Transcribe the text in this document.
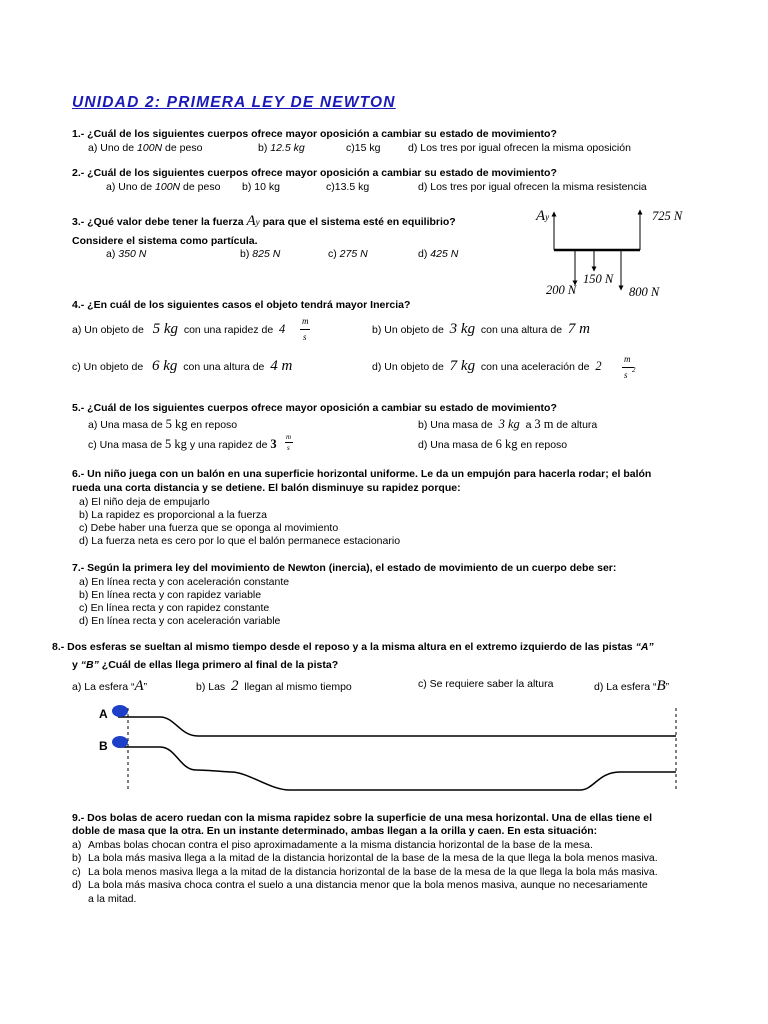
UNIDAD 2: PRIMERA LEY DE NEWTON
1.- ¿Cuál de los siguientes cuerpos ofrece mayor oposición a cambiar su estado de movimiento?
a) Uno de 100N de peso	b) 12.5 kg	c)15 kg	d) Los tres por igual ofrecen la misma oposición
2.- ¿Cuál de los siguientes cuerpos ofrece mayor oposición a cambiar su estado de movimiento?
a) Uno de 100N de peso b) 10 kg	c)13.5 kg	d) Los tres por igual ofrecen la misma resistencia
3.- ¿Qué valor debe tener la fuerza Ay para que el sistema esté en equilibrio?
Considere el sistema como partícula.
a) 350 N	b) 825 N	c) 275 N	d) 425 N
Ay	725 N
200 N
150 N
800 N
4.- ¿En cuál de los siguientes casos el objeto tendrá mayor Inercia?
a) Un objeto de 5 kg con una rapidez de 4
m
s
b) Un objeto de 3 kg con una altura de 7 m
c) Un objeto de 6 kg con una altura de 4 m	d) Un objeto de 7 kg con una aceleración de 2 m
s 2
5.- ¿Cuál de los siguientes cuerpos ofrece mayor oposición a cambiar su estado de movimiento?
a) Una masa de 5 kg en reposo	b) Una masa de 3 kg a 3 m de altura
c) Una masa de 5 kg y una rapidez de 3 m
s	d) Una masa de 6 kg en reposo
6.- Un niño juega con un balón en una superficie horizontal uniforme. Le da un empujón para hacerla rodar; el balón
rueda una corta distancia y se detiene. El balón disminuye su rapidez porque:
a) El niño deja de empujarlo
b) La rapidez es proporcional a la fuerza
c) Debe haber una fuerza que se oponga al movimiento
d) La fuerza neta es cero por lo que el balón permanece estacionario
7.- Según la primera ley del movimiento de Newton (inercia), el estado de movimiento de un cuerpo debe ser:
a) En línea recta y con aceleración constante
b) En línea recta y con rapidez variable
c) En línea recta y con rapidez constante
d) En línea recta y con aceleración variable
8.- Dos esferas se sueltan al mismo tiempo desde el reposo y a la misma altura en el extremo izquierdo de las pistas “A”
y “B” ¿Cuál de ellas llega primero al final de la pista?
a) La esfera “A”	b) Las 2 llegan al mismo tiempo	c) Se requiere saber la altura	d) La esfera “B”
A
B
9.- Dos bolas de acero ruedan con la misma rapidez sobre la superficie de una mesa horizontal. Una de ellas tiene el
doble de masa que la otra. En un instante determinado, ambas llegan a la orilla y caen. En esta situación:
a) Ambas bolas chocan contra el piso aproximadamente a la misma distancia horizontal de la base de la mesa.
b) La bola más masiva llega a la mitad de la distancia horizontal de la base de la mesa de la que llega la bola menos masiva.
c) La bola menos masiva llega a la mitad de la distancia horizontal de la base de la mesa de la que llega la bola más masiva.
d) La bola más masiva choca contra el suelo a una distancia menor que la bola menos masiva, aunque no necesariamente
a la mitad.
